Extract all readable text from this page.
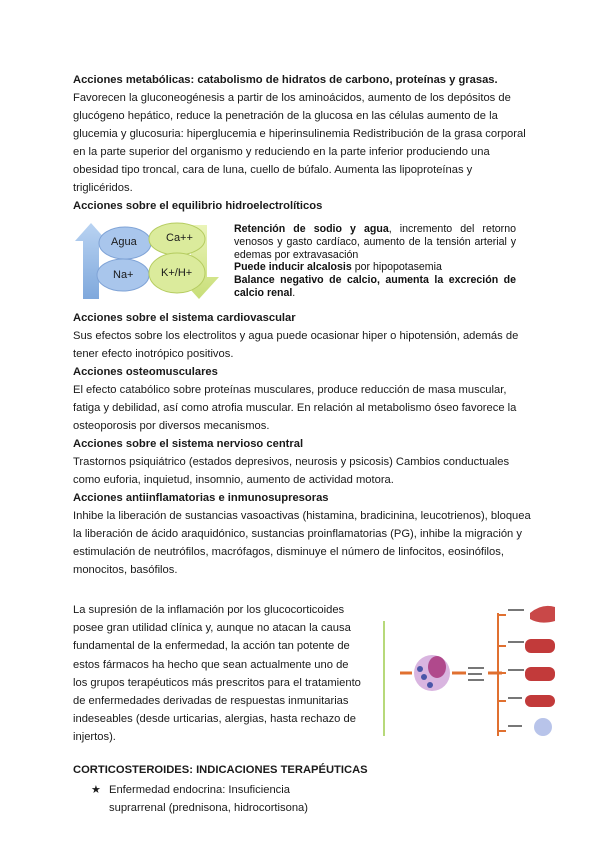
Acciones metabólicas: catabolismo de hidratos de carbono, proteínas y grasas.

Favorecen la gluconeogénesis a partir de los aminoácidos, aumento de los depósitos de glucógeno hepático, reduce la penetración de la glucosa en las células aumento de la glucemia y glucosuria: hiperglucemia e hiperinsulinemia Redistribución de la grasa corporal en la parte superior del organismo y reduciendo en la parte inferior produciendo una obesidad tipo troncal, cara de luna, cuello de búfalo. Aumenta las lipoproteínas y triglicéridos.

Acciones sobre el equilibrio hidroelectrolíticos

Agua
Na+
Ca++
K+/H+
Retención de sodio y agua, incremento del retorno venosos y gasto cardíaco, aumento de la tensión arterial y edemas por extravasación
Puede inducir alcalosis por hipopotasemia
Balance negativo de calcio, aumenta la excreción de calcio renal.

Acciones sobre el sistema cardiovascular

Sus efectos sobre los electrolitos y agua puede ocasionar hiper o hipotensión, además de tener efecto inotrópico positivos.

Acciones osteomusculares

El efecto catabólico sobre proteínas musculares, produce reducción de masa muscular, fatiga y debilidad, así como atrofia muscular. En relación al metabolismo óseo favorece la osteoporosis por diversos mecanismos.

Acciones sobre el sistema nervioso central

Trastornos psiquiátrico (estados depresivos, neurosis y psicosis) Cambios conductuales como euforia, inquietud, insomnio, aumento de actividad motora.

Acciones antiinflamatorias e inmunosupresoras

Inhibe la liberación de sustancias vasoactivas (histamina, bradicinina, leucotrienos), bloquea la liberación de ácido araquidónico, sustancias proinflamatorias (PG), inhibe la migración y estimulación de neutrófilos, macrófagos, disminuye el número de linfocitos, eosinófilos, monocitos, basófilos.

La supresión de la inflamación por los glucocorticoides posee gran utilidad clínica y, aunque no atacan la causa fundamental de la enfermedad, la acción tan potente de estos fármacos ha hecho que sean actualmente uno de los grupos terapéuticos más prescritos para el tratamiento de enfermedades derivadas de respuestas inmunitarias indeseables (desde urticarias, alergias, hasta rechazo de injertos).

CORTICOSTEROIDES: INDICACIONES TERAPÉUTICAS

★ Enfermedad endocrina: Insuficiencia suprarrenal (prednisona, hidrocortisona)
